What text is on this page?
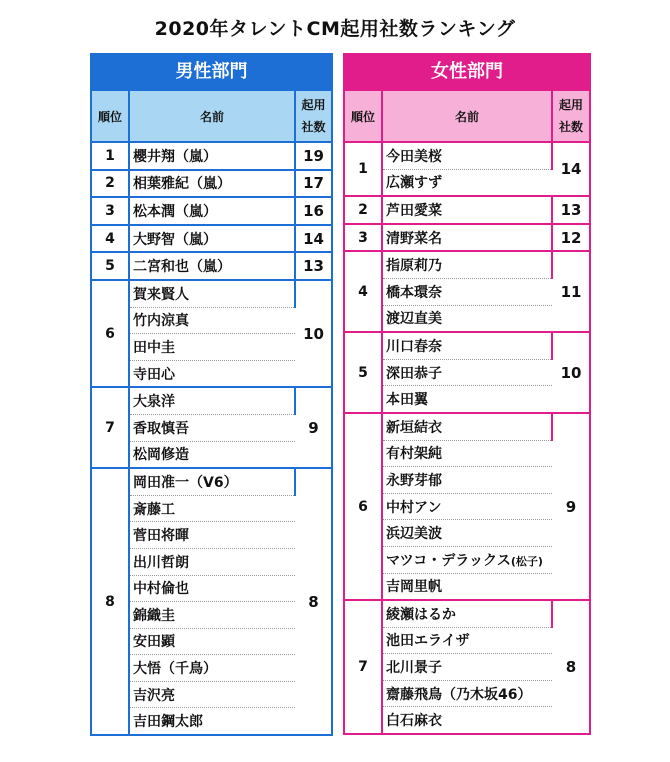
2020年タレントCM起用社数ランキング
男性部門
順位	名前	起用
社数
1	櫻井翔（嵐）	19
2	相葉雅紀（嵐）	17
3	松本潤（嵐）	16
4	大野智（嵐）	14
5	二宮和也（嵐）	13
6	賀来賢人	10
	竹内涼真	
	田中圭	
	寺田心	
7	大泉洋	9
	香取慎吾	
	松岡修造	
8	岡田准一（V6）	8
	斎藤工	
	菅田将暉	
	出川哲朗	
	中村倫也	
	錦織圭	
	安田顕	
	大悟（千鳥）	
	吉沢亮	
	吉田鋼太郎	
女性部門
順位	名前	起用
社数
1	今田美桜	14
	広瀬すず	
2	芦田愛菜	13
3	清野菜名	12
4	指原莉乃	11
	橋本環奈	
	渡辺直美	
5	川口春奈	10
	深田恭子	
	本田翼	
6	新垣結衣	9
	有村架純	
	永野芽郁	
	中村アン	
	浜辺美波	
	マツコ・デラックス(松子)	
	吉岡里帆	
7	綾瀬はるか	8
	池田エライザ	
	北川景子	
	齋藤飛鳥（乃木坂46）	
	白石麻衣	
